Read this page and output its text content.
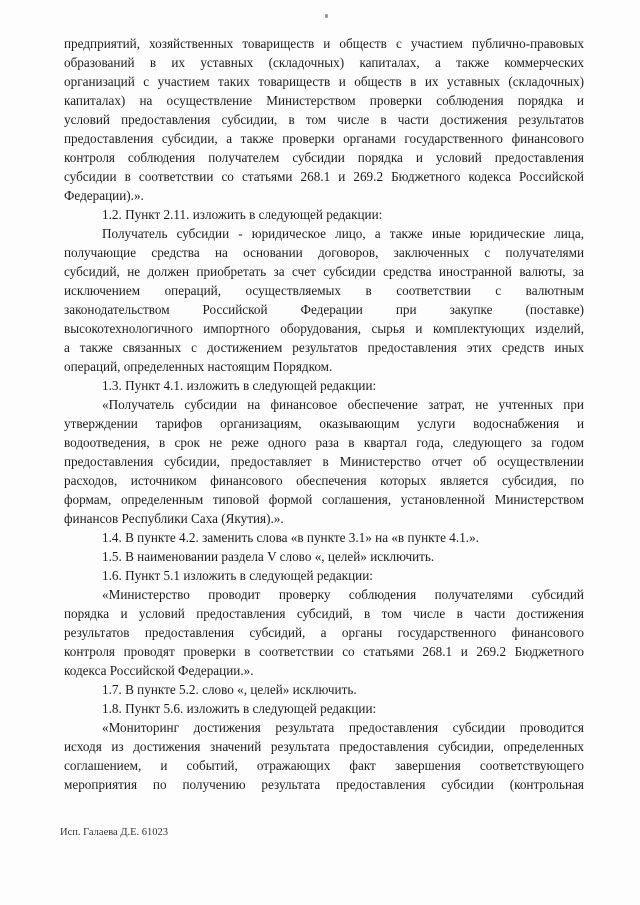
предприятий, хозяйственных товариществ и обществ с участием публично-правовых
образований в их уставных (складочных) капиталах, а также коммерческих
организаций с участием таких товариществ и обществ в их уставных (складочных)
капиталах) на осуществление Министерством проверки соблюдения порядка и
условий предоставления субсидии, в том числе в части достижения результатов
предоставления субсидии, а также проверки органами государственного финансового
контроля соблюдения получателем субсидии порядка и условий предоставления
субсидии в соответствии со статьями 268.1 и 269.2 Бюджетного кодекса Российской
Федерации).».
1.2. Пункт 2.11. изложить в следующей редакции:
Получатель субсидии - юридическое лицо, а также иные юридические лица,
получающие средства на основании договоров, заключенных с получателями
субсидий, не должен приобретать за счет субсидии средства иностранной валюты, за
исключением операций, осуществляемых в соответствии с валютным
законодательством Российской Федерации при закупке (поставке)
высокотехнологичного импортного оборудования, сырья и комплектующих изделий,
а также связанных с достижением результатов предоставления этих средств иных
операций, определенных настоящим Порядком.
1.3. Пункт 4.1. изложить в следующей редакции:
«Получатель субсидии на финансовое обеспечение затрат, не учтенных при
утверждении тарифов организациям, оказывающим услуги водоснабжения и
водоотведения, в срок не реже одного раза в квартал года, следующего за годом
предоставления субсидии, предоставляет в Министерство отчет об осуществлении
расходов, источником финансового обеспечения которых является субсидия, по
формам, определенным типовой формой соглашения, установленной Министерством
финансов Республики Саха (Якутия).».
1.4. В пункте 4.2. заменить слова «в пункте 3.1» на «в пункте 4.1.».
1.5. В наименовании раздела V слово «, целей» исключить.
1.6. Пункт 5.1 изложить в следующей редакции:
«Министерство проводит проверку соблюдения получателями субсидий
порядка и условий предоставления субсидий, в том числе в части достижения
результатов предоставления субсидий, а органы государственного финансового
контроля проводят проверки в соответствии со статьями 268.1 и 269.2 Бюджетного
кодекса Российской Федерации.».
1.7. В пункте 5.2. слово «, целей» исключить.
1.8. Пункт 5.6. изложить в следующей редакции:
«Мониторинг достижения результата предоставления субсидии проводится
исходя из достижения значений результата предоставления субсидии, определенных
соглашением, и событий, отражающих факт завершения соответствующего
мероприятия по получению результата предоставления субсидии (контрольная
Исп. Галаева Д.Е. 61023
